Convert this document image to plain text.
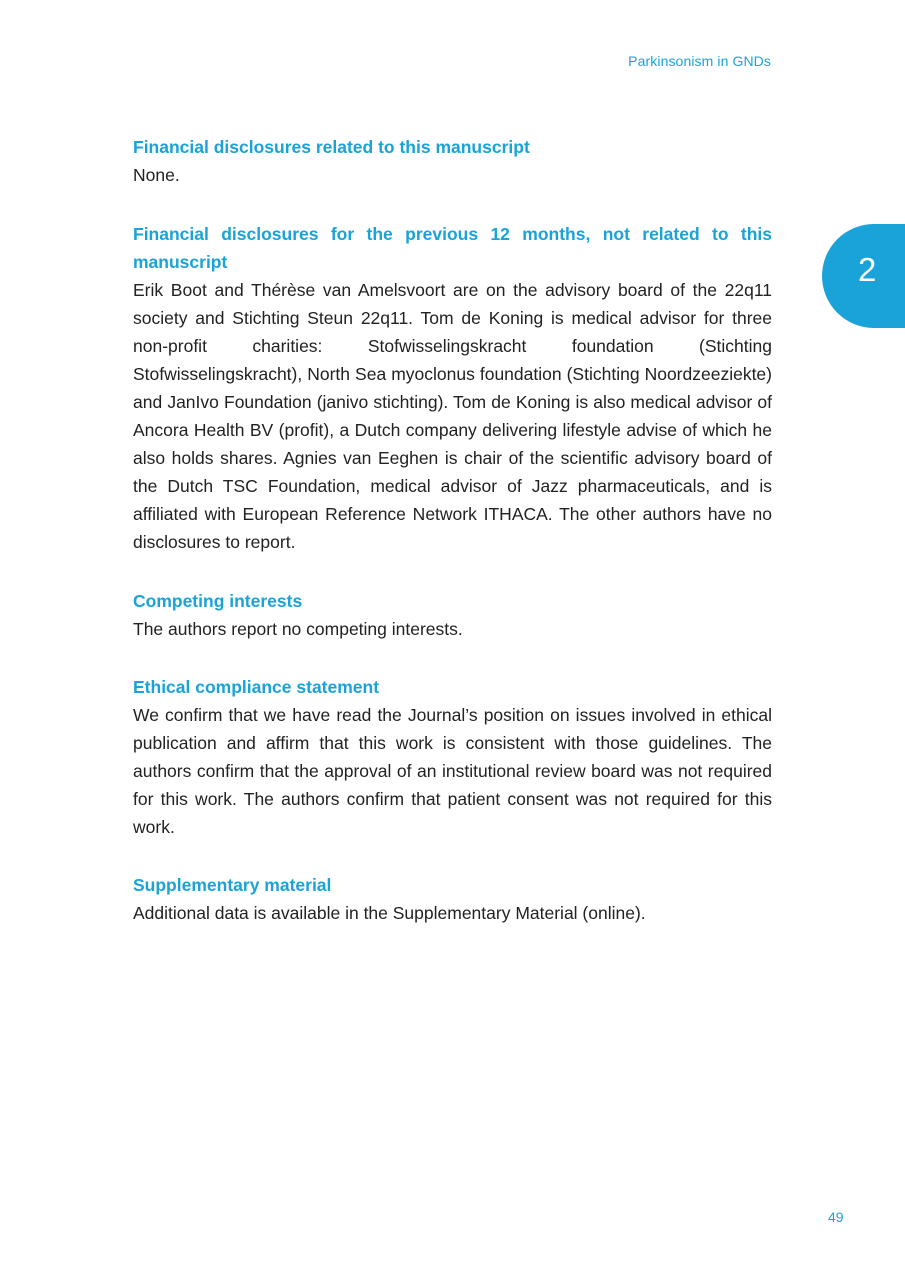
Parkinsonism in GNDs
2

Financial disclosures related to this manuscript

None.

Financial disclosures for the previous 12 months, not related to this manuscript

Erik Boot and Thérèse van Amelsvoort are on the advisory board of the 22q11 society and Stichting Steun 22q11. Tom de Koning is medical advisor for three non-profit charities: Stofwisselingskracht foundation (Stichting Stofwisselingskracht), North Sea myoclonus foundation (Stichting Noordzeeziekte) and JanIvo Foundation (janivo stichting). Tom de Koning is also medical advisor of Ancora Health BV (profit), a Dutch company delivering lifestyle advise of which he also holds shares. Agnies van Eeghen is chair of the scientific advisory board of the Dutch TSC Foundation, medical advisor of Jazz pharmaceuticals, and is affiliated with European Reference Network ITHACA. The other authors have no disclosures to report.

Competing interests

The authors report no competing interests.

Ethical compliance statement

We confirm that we have read the Journal’s position on issues involved in ethical publication and affirm that this work is consistent with those guidelines. The authors confirm that the approval of an institutional review board was not required for this work. The authors confirm that patient consent was not required for this work.

Supplementary material

Additional data is available in the Supplementary Material (online).

49
